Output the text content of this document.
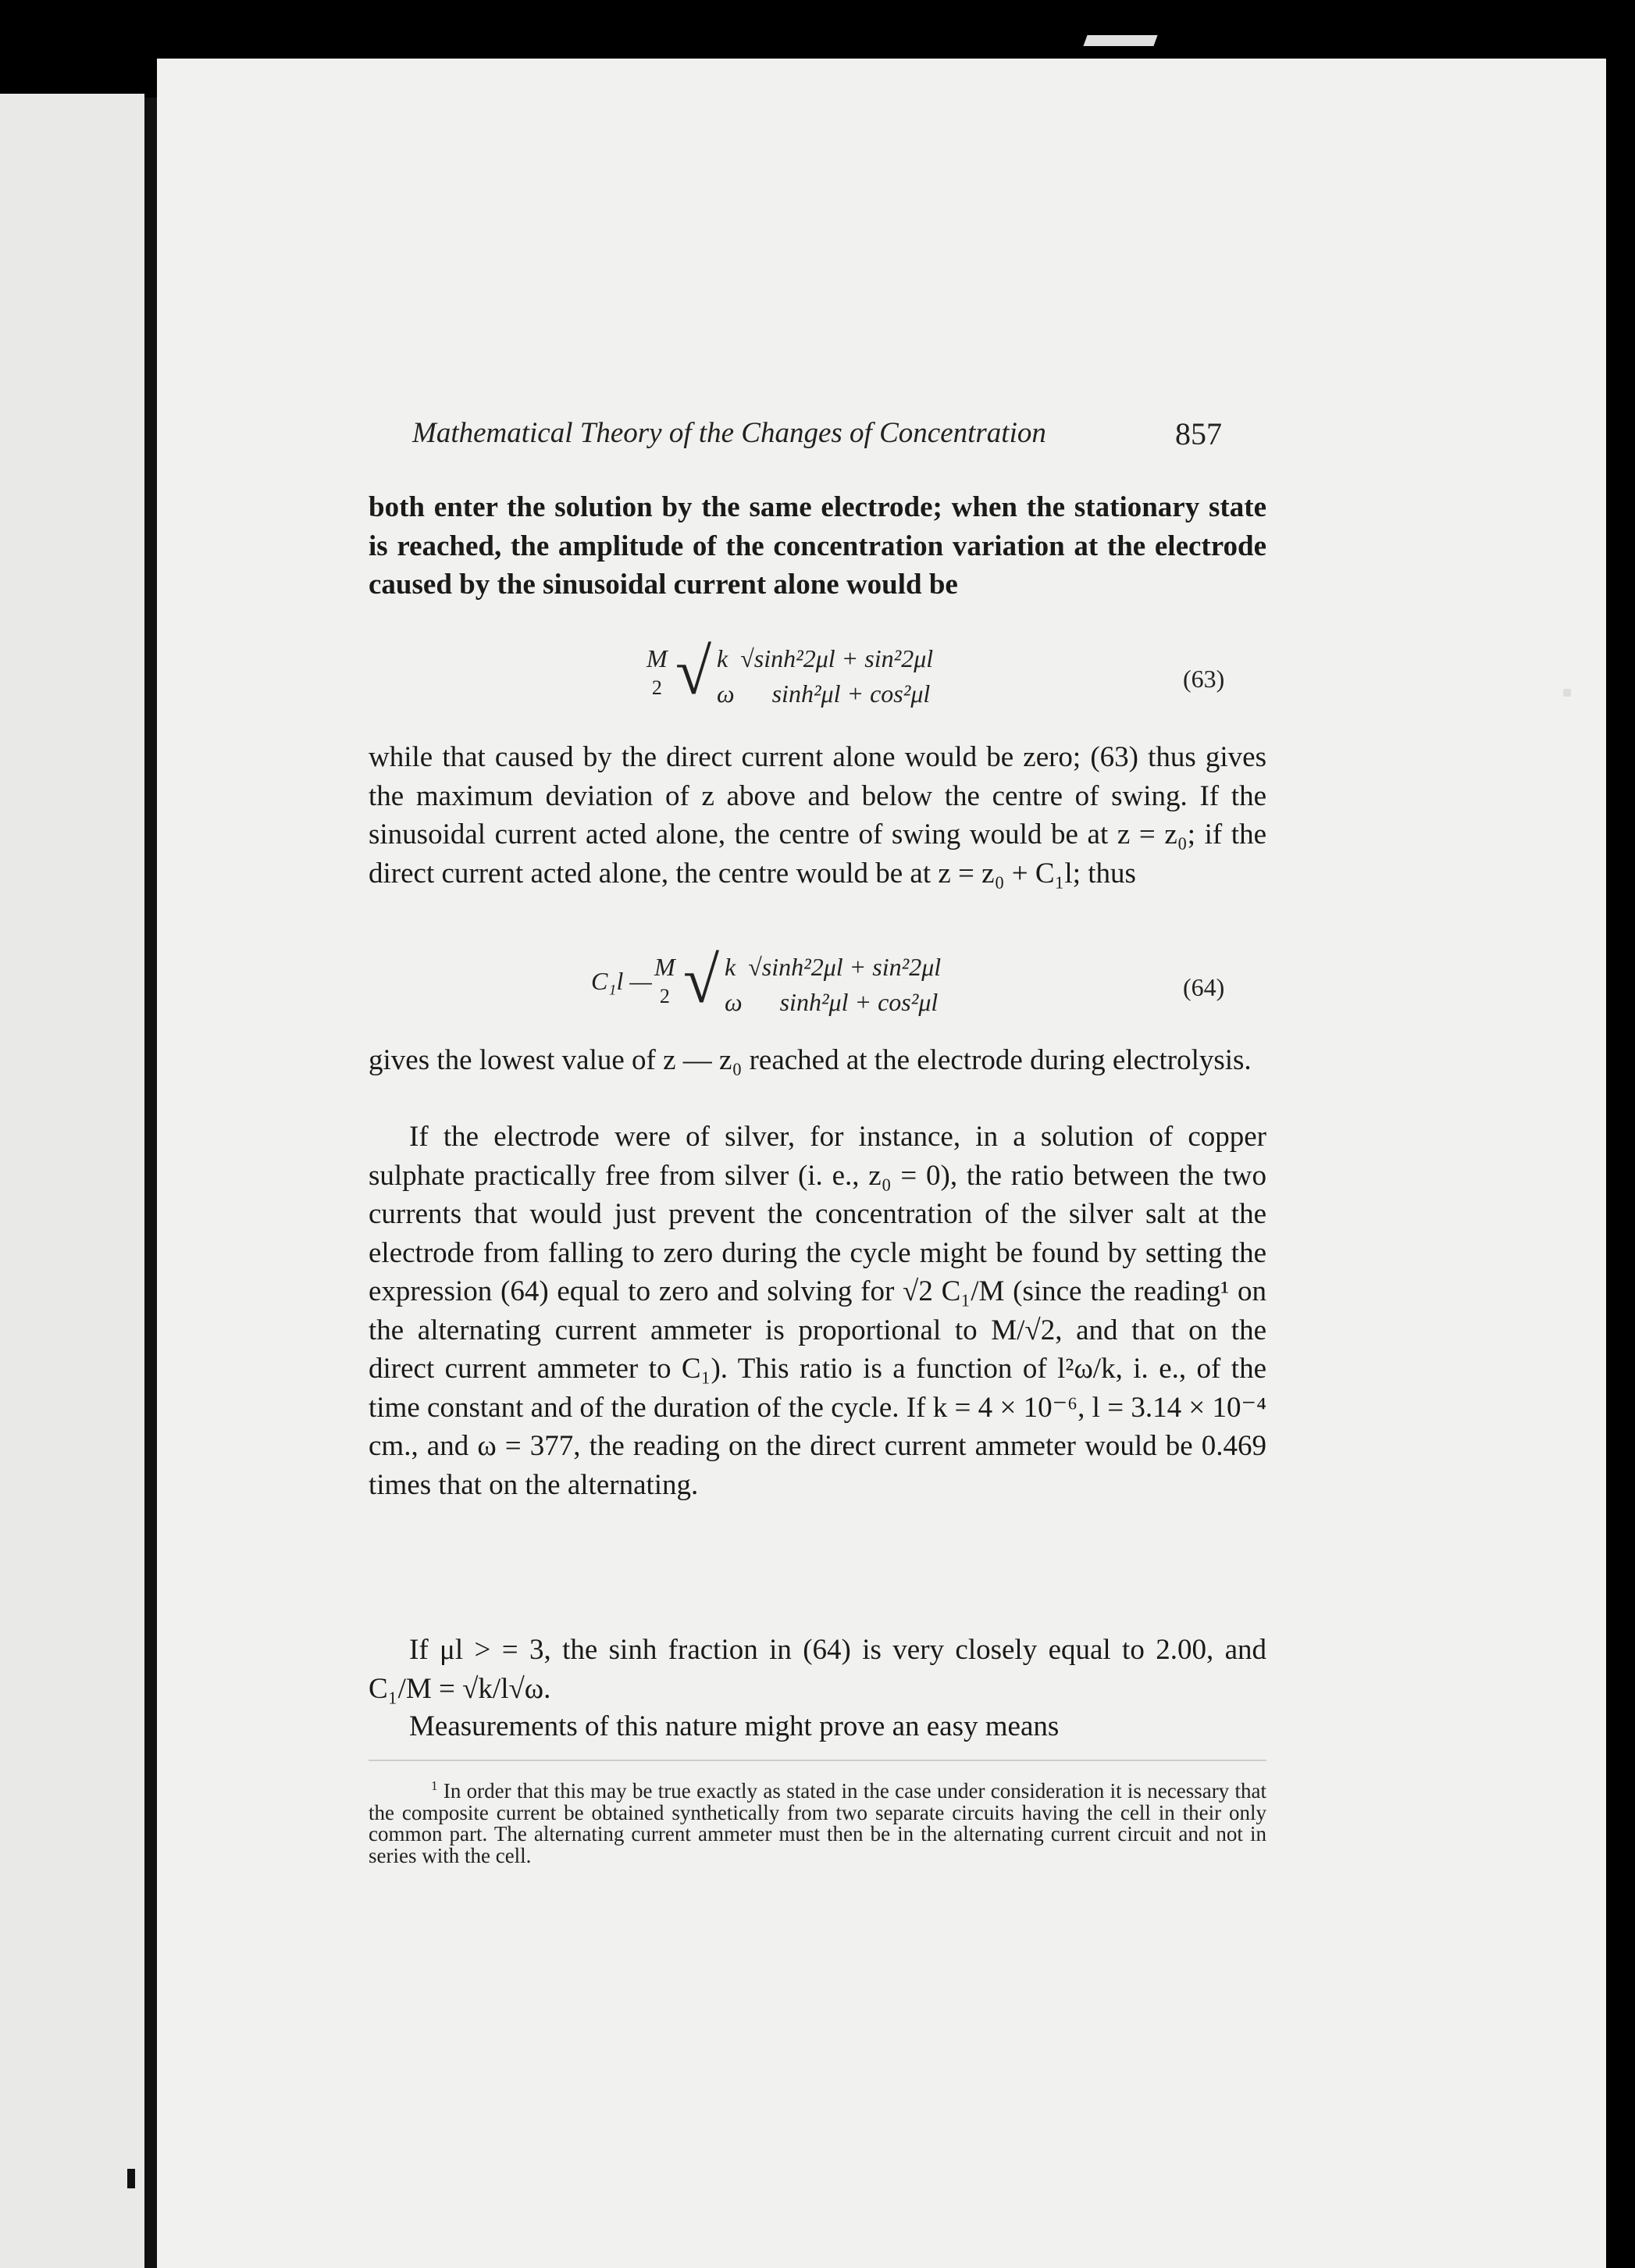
Mathematical Theory of the Changes of Concentration	857
both enter the solution by the same electrode; when the stationary state is reached, the amplitude of the concentration variation at the electrode caused by the sinusoidal current alone would be
M
2 √ k  √sinh²2μl + sin²2μl
ω      sinh²μl + cos²μl
(63)
while that caused by the direct current alone would be zero; (63) thus gives the maximum deviation of z above and below the centre of swing. If the sinusoidal current acted alone, the centre of swing would be at z = z₀; if the direct current acted alone, the centre would be at z = z₀ + C₁l; thus
C₁l — M
2 √ k  √sinh²2μl + sin²2μl
ω      sinh²μl + cos²μl
(64)
gives the lowest value of z — z₀ reached at the electrode during electrolysis.
If the electrode were of silver, for instance, in a solution of copper sulphate practically free from silver (i. e., z₀ = 0), the ratio between the two currents that would just prevent the concentration of the silver salt at the electrode from falling to zero during the cycle might be found by setting the expression (64) equal to zero and solving for √2 C₁/M (since the reading¹ on the alternating current ammeter is proportional to M/√2, and that on the direct current ammeter to C₁). This ratio is a function of l²ω/k, i. e., of the time constant and of the duration of the cycle. If k = 4 × 10⁻⁶, l = 3.14 × 10⁻⁴ cm., and ω = 377, the reading on the direct current ammeter would be 0.469 times that on the alternating.
If μl > = 3, the sinh fraction in (64) is very closely equal to 2.00, and C₁/M = √k/l√ω.
Measurements of this nature might prove an easy means
$^1$ In order that this may be true exactly as stated in the case under consideration it is necessary that the composite current be obtained synthetically from two separate circuits having the cell in their only common part. The alternating current ammeter must then be in the alternating current circuit and not in series with the cell.
